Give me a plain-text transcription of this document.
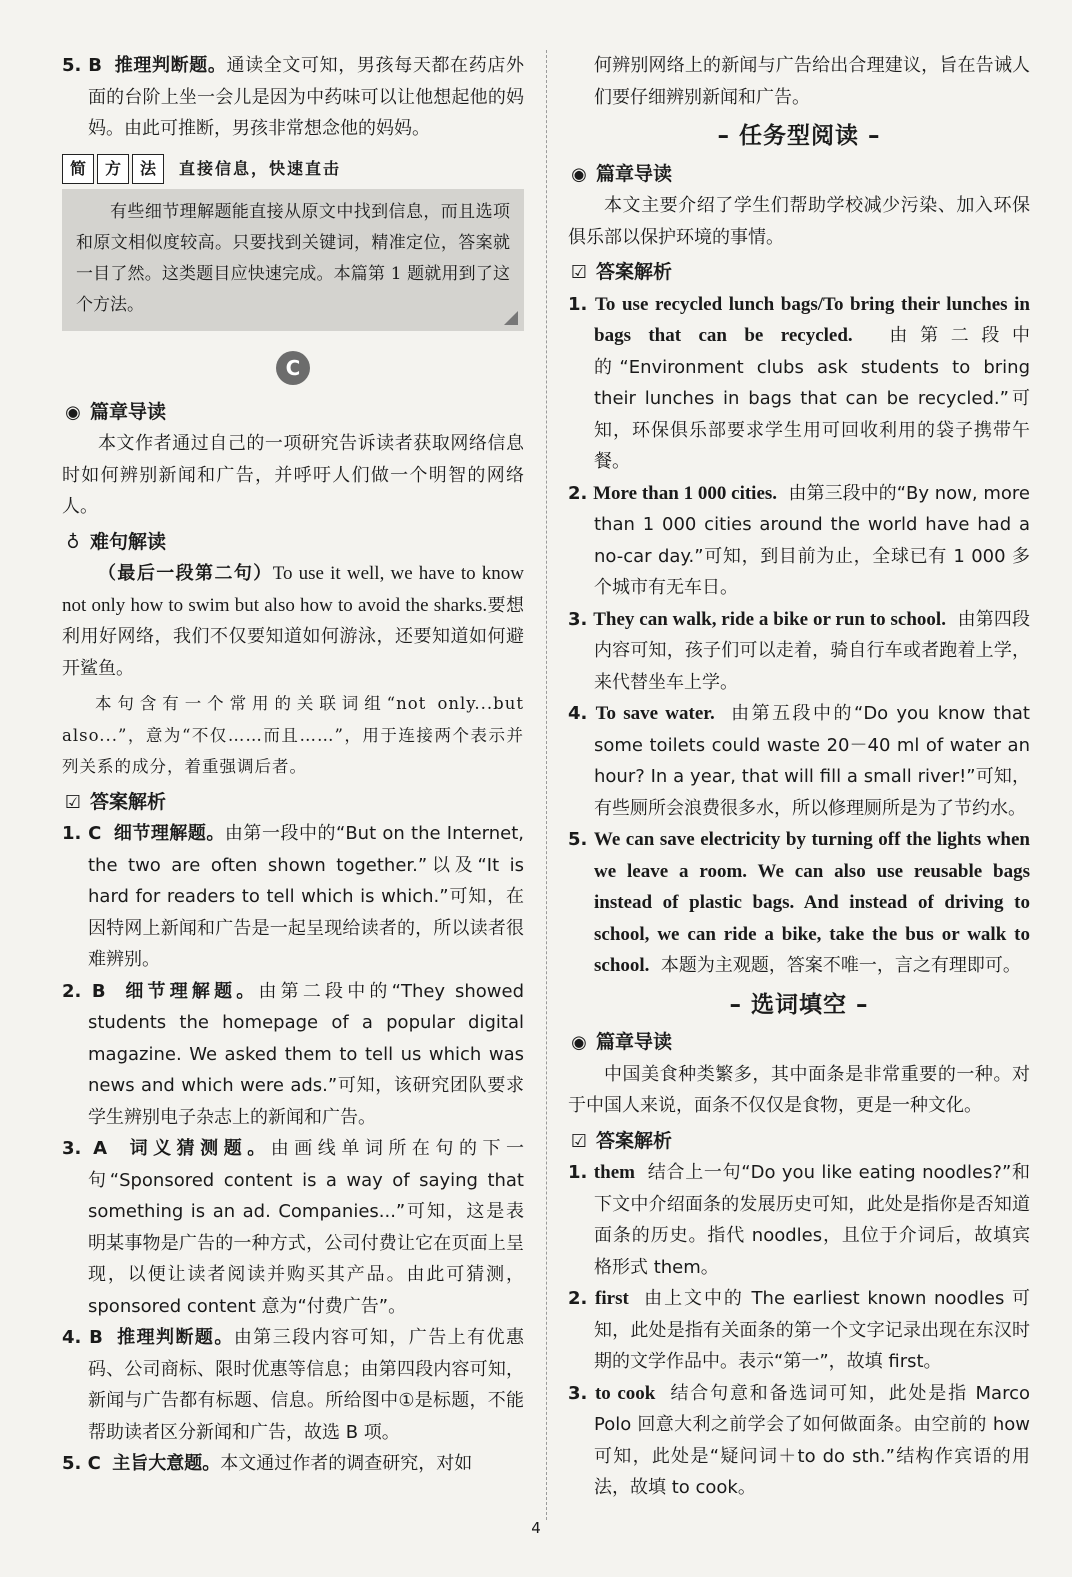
5. B 推理判断题。通读全文可知，男孩每天都在药店外面的台阶上坐一会儿是因为中药味可以让他想起他的妈妈。由此可推断，男孩非常想念他的妈妈。

简	方	法	直接信息，快速直击

有些细节理解题能直接从原文中找到信息，而且选项和原文相似度较高。只要找到关键词，精准定位，答案就一目了然。这类题目应快速完成。本篇第 1 题就用到了这个方法。

C
◉ 篇章导读

本文作者通过自己的一项研究告诉读者获取网络信息时如何辨别新闻和广告，并呼吁人们做一个明智的网络人。

♁ 难句解读

（最后一段第二句）To use it well, we have to know not only how to swim but also how to avoid the sharks.要想利用好网络，我们不仅要知道如何游泳，还要知道如何避开鲨鱼。

本句含有一个常用的关联词组“not only...but also...”，意为“不仅……而且……”，用于连接两个表示并列关系的成分，着重强调后者。

☑ 答案解析

1. C 细节理解题。由第一段中的“But on the Internet, the two are often shown together.”以及“It is hard for readers to tell which is which.”可知，在因特网上新闻和广告是一起呈现给读者的，所以读者很难辨别。

2. B 细节理解题。由第二段中的“They showed students the homepage of a popular digital magazine. We asked them to tell us which was news and which were ads.”可知，该研究团队要求学生辨别电子杂志上的新闻和广告。

3. A 词义猜测题。由画线单词所在句的下一句“Sponsored content is a way of saying that something is an ad. Companies...”可知，这是表明某事物是广告的一种方式，公司付费让它在页面上呈现，以便让读者阅读并购买其产品。由此可猜测，sponsored content 意为“付费广告”。

4. B 推理判断题。由第三段内容可知，广告上有优惠码、公司商标、限时优惠等信息；由第四段内容可知，新闻与广告都有标题、信息。所给图中①是标题，不能帮助读者区分新闻和广告，故选 B 项。

5. C 主旨大意题。本文通过作者的调查研究，对如

何辨别网络上的新闻与广告给出合理建议，旨在告诫人们要仔细辨别新闻和广告。

– 任务型阅读 –
◉ 篇章导读

本文主要介绍了学生们帮助学校减少污染、加入环保俱乐部以保护环境的事情。

☑ 答案解析

1. To use recycled lunch bags/To bring their lunches in bags that can be recycled. 由第二段中的“Environment clubs ask students to bring their lunches in bags that can be recycled.”可知，环保俱乐部要求学生用可回收利用的袋子携带午餐。

2. More than 1 000 cities. 由第三段中的“By now, more than 1 000 cities around the world have had a no-car day.”可知，到目前为止，全球已有 1 000 多个城市有无车日。

3. They can walk, ride a bike or run to school. 由第四段内容可知，孩子们可以走着，骑自行车或者跑着上学，来代替坐车上学。

4. To save water. 由第五段中的“Do you know that some toilets could waste 20－40 ml of water an hour? In a year, that will fill a small river!”可知，有些厕所会浪费很多水，所以修理厕所是为了节约水。

5. We can save electricity by turning off the lights when we leave a room. We can also use reusable bags instead of plastic bags. And instead of driving to school, we can ride a bike, take the bus or walk to school. 本题为主观题，答案不唯一，言之有理即可。

– 选词填空 –
◉ 篇章导读

中国美食种类繁多，其中面条是非常重要的一种。对于中国人来说，面条不仅仅是食物，更是一种文化。

☑ 答案解析

1. them 结合上一句“Do you like eating noodles?”和下文中介绍面条的发展历史可知，此处是指你是否知道面条的历史。指代 noodles，且位于介词后，故填宾格形式 them。

2. first 由上文中的 The earliest known noodles 可知，此处是指有关面条的第一个文字记录出现在东汉时期的文学作品中。表示“第一”，故填 first。

3. to cook 结合句意和备选词可知，此处是指 Marco Polo 回意大利之前学会了如何做面条。由空前的 how 可知，此处是“疑问词＋to do sth.”结构作宾语的用法，故填 to cook。

4
